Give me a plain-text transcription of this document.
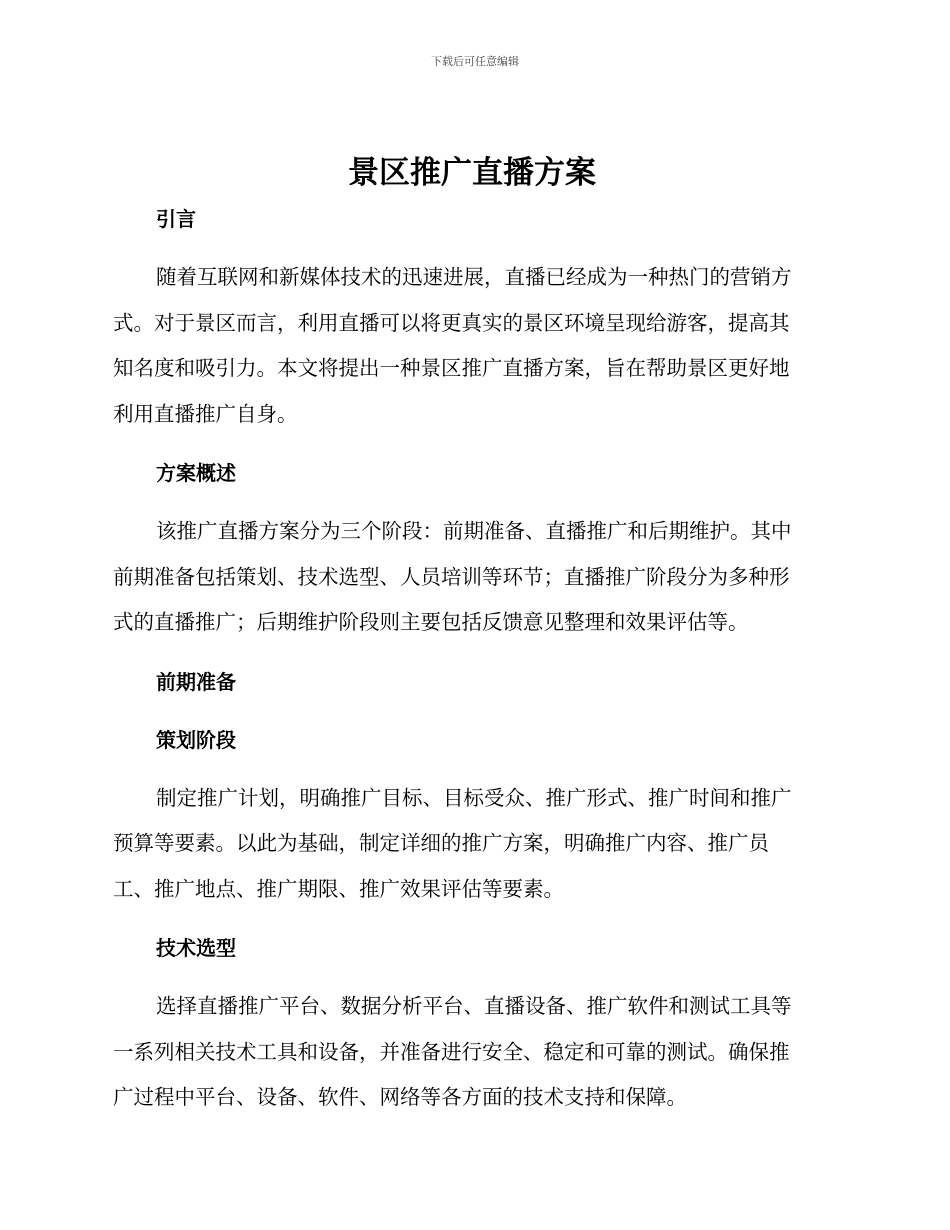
下载后可任意编辑
景区推广直播方案
引言
随着互联网和新媒体技术的迅速进展，直播已经成为一种热门的营销方
式。对于景区而言，利用直播可以将更真实的景区环境呈现给游客，提高其
知名度和吸引力。本文将提出一种景区推广直播方案，旨在帮助景区更好地
利用直播推广自身。
方案概述
该推广直播方案分为三个阶段：前期准备、直播推广和后期维护。其中
前期准备包括策划、技术选型、人员培训等环节；直播推广阶段分为多种形
式的直播推广；后期维护阶段则主要包括反馈意见整理和效果评估等。
前期准备
策划阶段
制定推广计划，明确推广目标、目标受众、推广形式、推广时间和推广
预算等要素。以此为基础，制定详细的推广方案，明确推广内容、推广员
工、推广地点、推广期限、推广效果评估等要素。
技术选型
选择直播推广平台、数据分析平台、直播设备、推广软件和测试工具等
一系列相关技术工具和设备，并准备进行安全、稳定和可靠的测试。确保推
广过程中平台、设备、软件、网络等各方面的技术支持和保障。
